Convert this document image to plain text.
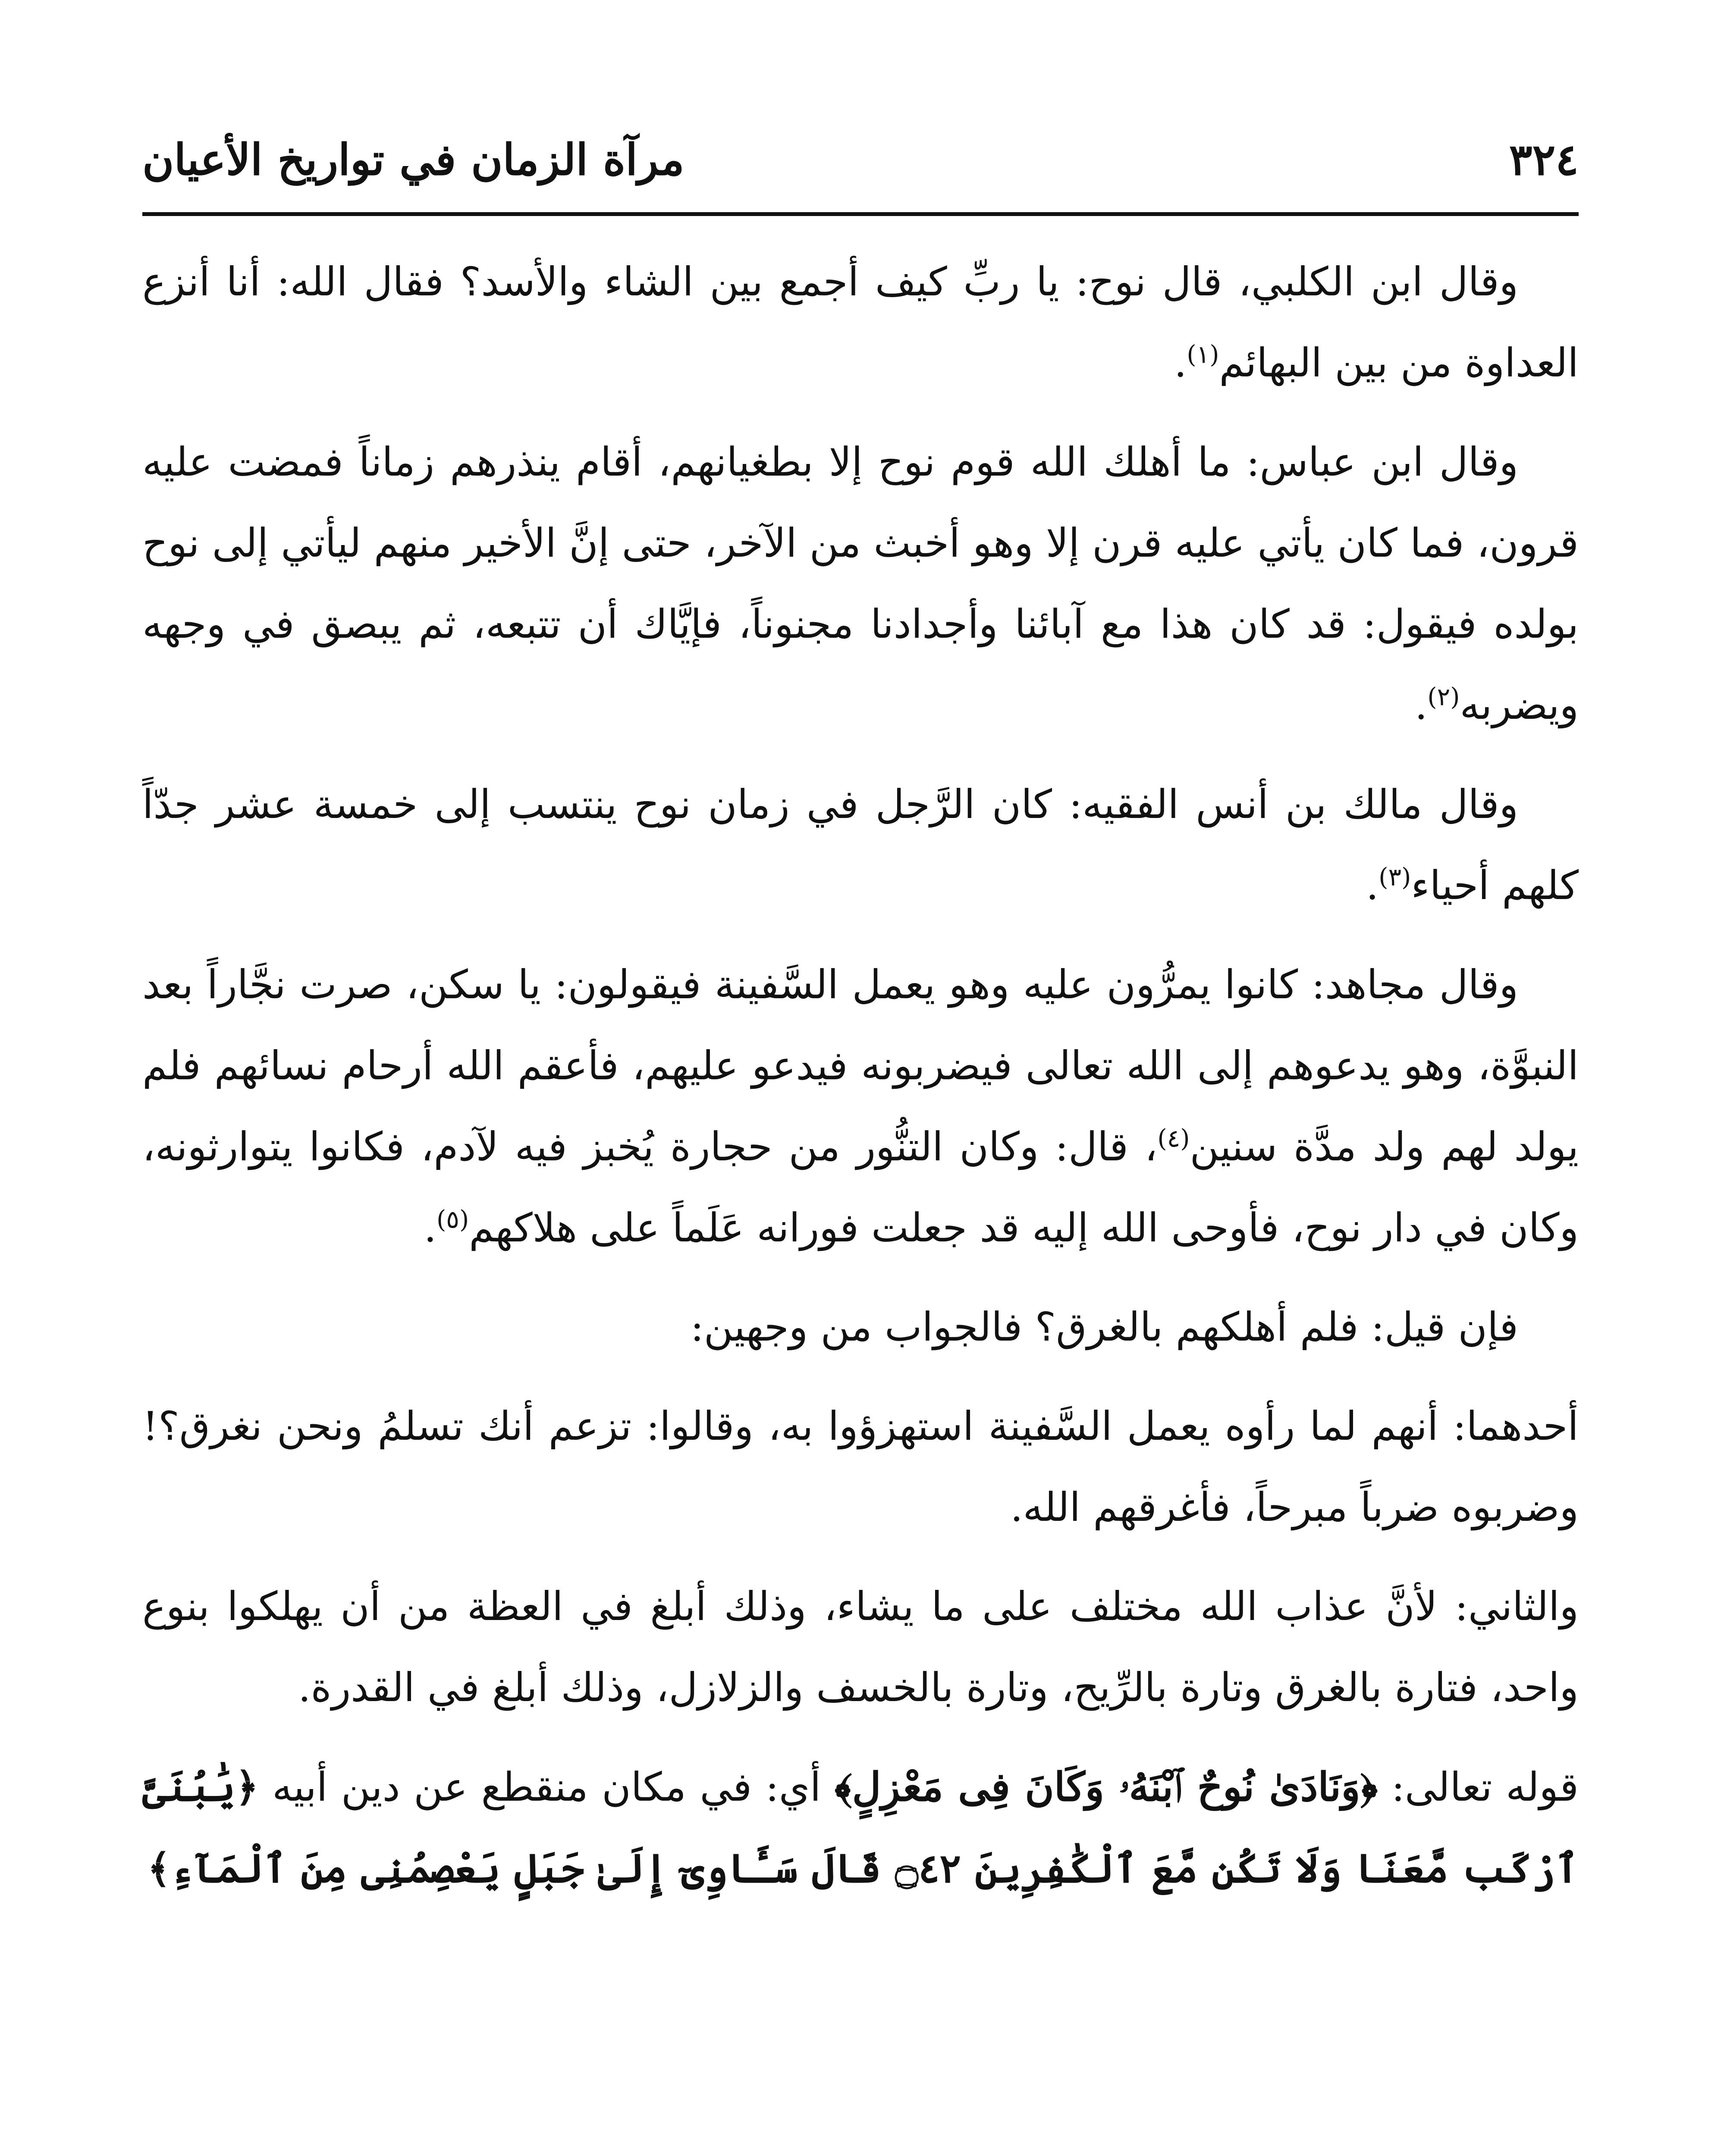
٣٢٤
مرآة الزمان في تواريخ الأعيان

وقال ابن الكلبي، قال نوح: يا ربِّ كيف أجمع بين الشاء والأسد؟ فقال الله: أنا أنزع العداوة من بين البهائم$^{(١)}$.

وقال ابن عباس: ما أهلك الله قوم نوح إلا بطغيانهم، أقام ينذرهم زماناً فمضت عليه قرون، فما كان يأتي عليه قرن إلا وهو أخبث من الآخر، حتى إنَّ الأخير منهم ليأتي إلى نوح بولده فيقول: قد كان هذا مع آبائنا وأجدادنا مجنوناً، فإيَّاك أن تتبعه، ثم يبصق في وجهه ويضربه$^{(٢)}$.

وقال مالك بن أنس الفقيه: كان الرَّجل في زمان نوح ينتسب إلى خمسة عشر جدّاً كلهم أحياء$^{(٣)}$.

وقال مجاهد: كانوا يمرُّون عليه وهو يعمل السَّفينة فيقولون: يا سكن، صرت نجَّاراً بعد النبوَّة، وهو يدعوهم إلى الله تعالى فيضربونه فيدعو عليهم، فأعقم الله أرحام نسائهم فلم يولد لهم ولد مدَّة سنين$^{(٤)}$، قال: وكان التنُّور من حجارة يُخبز فيه لآدم، فكانوا يتوارثونه، وكان في دار نوح، فأوحى الله إليه قد جعلت فورانه عَلَماً على هلاكهم$^{(٥)}$.

فإن قيل: فلم أهلكهم بالغرق؟ فالجواب من وجهين:

أحدهما: أنهم لما رأوه يعمل السَّفينة استهزؤوا به، وقالوا: تزعم أنك تسلمُ ونحن نغرق؟! وضربوه ضرباً مبرحاً، فأغرقهم الله.

والثاني: لأنَّ عذاب الله مختلف على ما يشاء، وذلك أبلغ في العظة من أن يهلكوا بنوع واحد، فتارة بالغرق وتارة بالرِّيح، وتارة بالخسف والزلازل، وذلك أبلغ في القدرة.

قوله تعالى: ﴿وَنَادَىٰ نُوحٌ ٱبْنَهُۥ وَكَانَ فِى مَعْزِلٍ﴾ أي: في مكان منقطع عن دين أبيه ﴿يَٰبُنَىَّ ٱرْكَب مَّعَنَا وَلَا تَكُن مَّعَ ٱلْكَٰفِرِينَ ۝٤٢ قَالَ سَـَٔاوِىٓ إِلَىٰ جَبَلٍ يَعْصِمُنِى مِنَ ٱلْمَآءِ﴾
